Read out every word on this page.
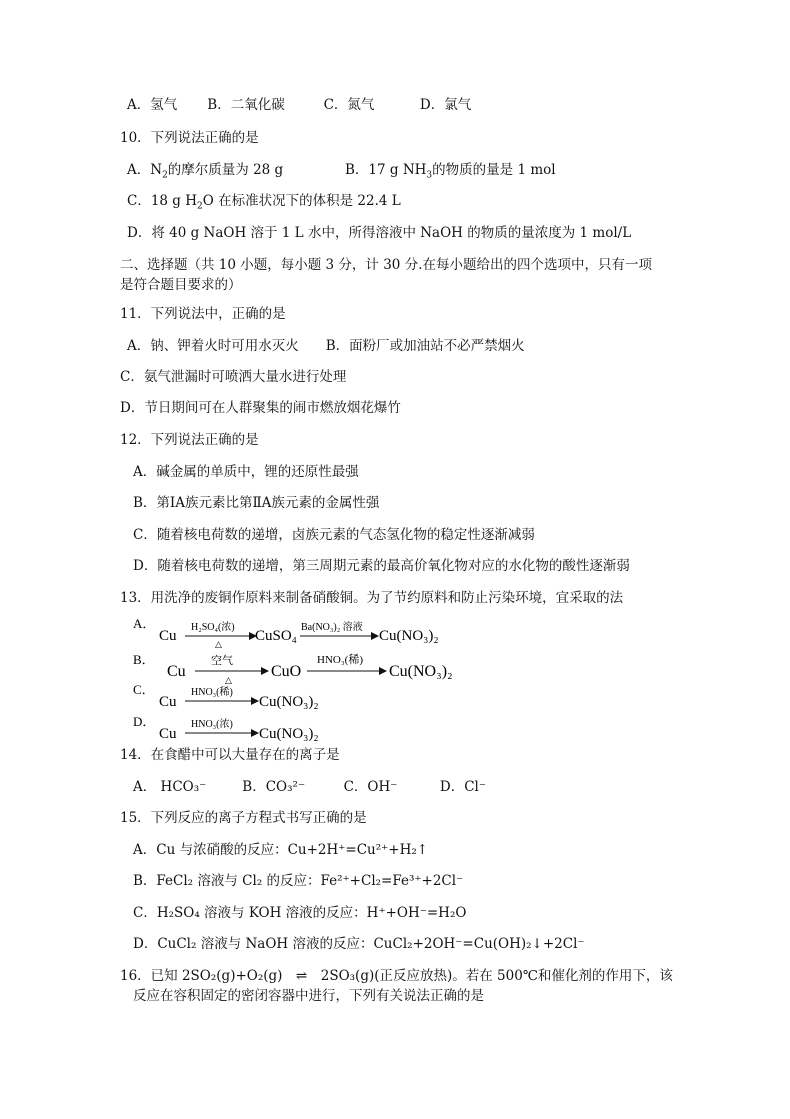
A．氢气 B．二氧化碳	C．氮气	D．氯气
10．下列说法正确的是
A．$N_2$的摩尔质量为 28 g	B．17 g $NH_3$的物质的量是 1 mol
C．18 g $H_2O$ 在标准状况下的体积是 22.4 L
D．将 40 g NaOH 溶于 1 L 水中，所得溶液中 NaOH 的物质的量浓度为 1 mol/L
二、选择题（共 10 小题，每小题 3 分，计 30 分.在每小题给出的四个选项中，只有一项
是符合题目要求的）
11．下列说法中，正确的是
A．钠、钾着火时可用水灭火　　B．面粉厂或加油站不必严禁烟火
C．氨气泄漏时可喷洒大量水进行处理
D．节日期间可在人群聚集的闹市燃放烟花爆竹
12．下列说法正确的是
A．碱金属的单质中，锂的还原性最强
B．第ⅠA族元素比第ⅡA族元素的金属性强
C．随着核电荷数的递增，卤族元素的气态氢化物的稳定性逐渐减弱
D．随着核电荷数的递增，第三周期元素的最高价氧化物对应的水化物的酸性逐渐弱
13．用洗净的废铜作原料来制备硝酸铜。为了节约原料和防止污染环境，宜采取的法
A．
Cu
H₂SO₄(浓)
△ CuSO₄
Ba(NO₃)₂ 溶液
Cu(NO₃)₂
B．
Cu
空气
△ CuO
HNO₃(稀)
Cu(NO₃)₂
C．
Cu
HNO₃(稀)
Cu(NO₃)₂
D．
Cu
HNO₃(浓)
Cu(NO₃)₂
14．在食醋中可以大量存在的离子是
A． HCO₃⁻	B．CO₃²⁻	C．OH⁻	D．Cl⁻
15．下列反应的离子方程式书写正确的是
A．Cu 与浓硝酸的反应：Cu+2H⁺=Cu²⁺+H₂↑
B．FeCl₂ 溶液与 Cl₂ 的反应：Fe²⁺+Cl₂=Fe³⁺+2Cl⁻
C．H₂SO₄ 溶液与 KOH 溶液的反应：H⁺+OH⁻=H₂O
D．CuCl₂ 溶液与 NaOH 溶液的反应：CuCl₂+2OH⁻=Cu(OH)₂↓+2Cl⁻
16．已知 2SO₂(g)+O₂(g)　⇌　2SO₃(g)(正反应放热)。若在 500℃和催化剂的作用下，该
反应在容积固定的密闭容器中进行，下列有关说法正确的是
